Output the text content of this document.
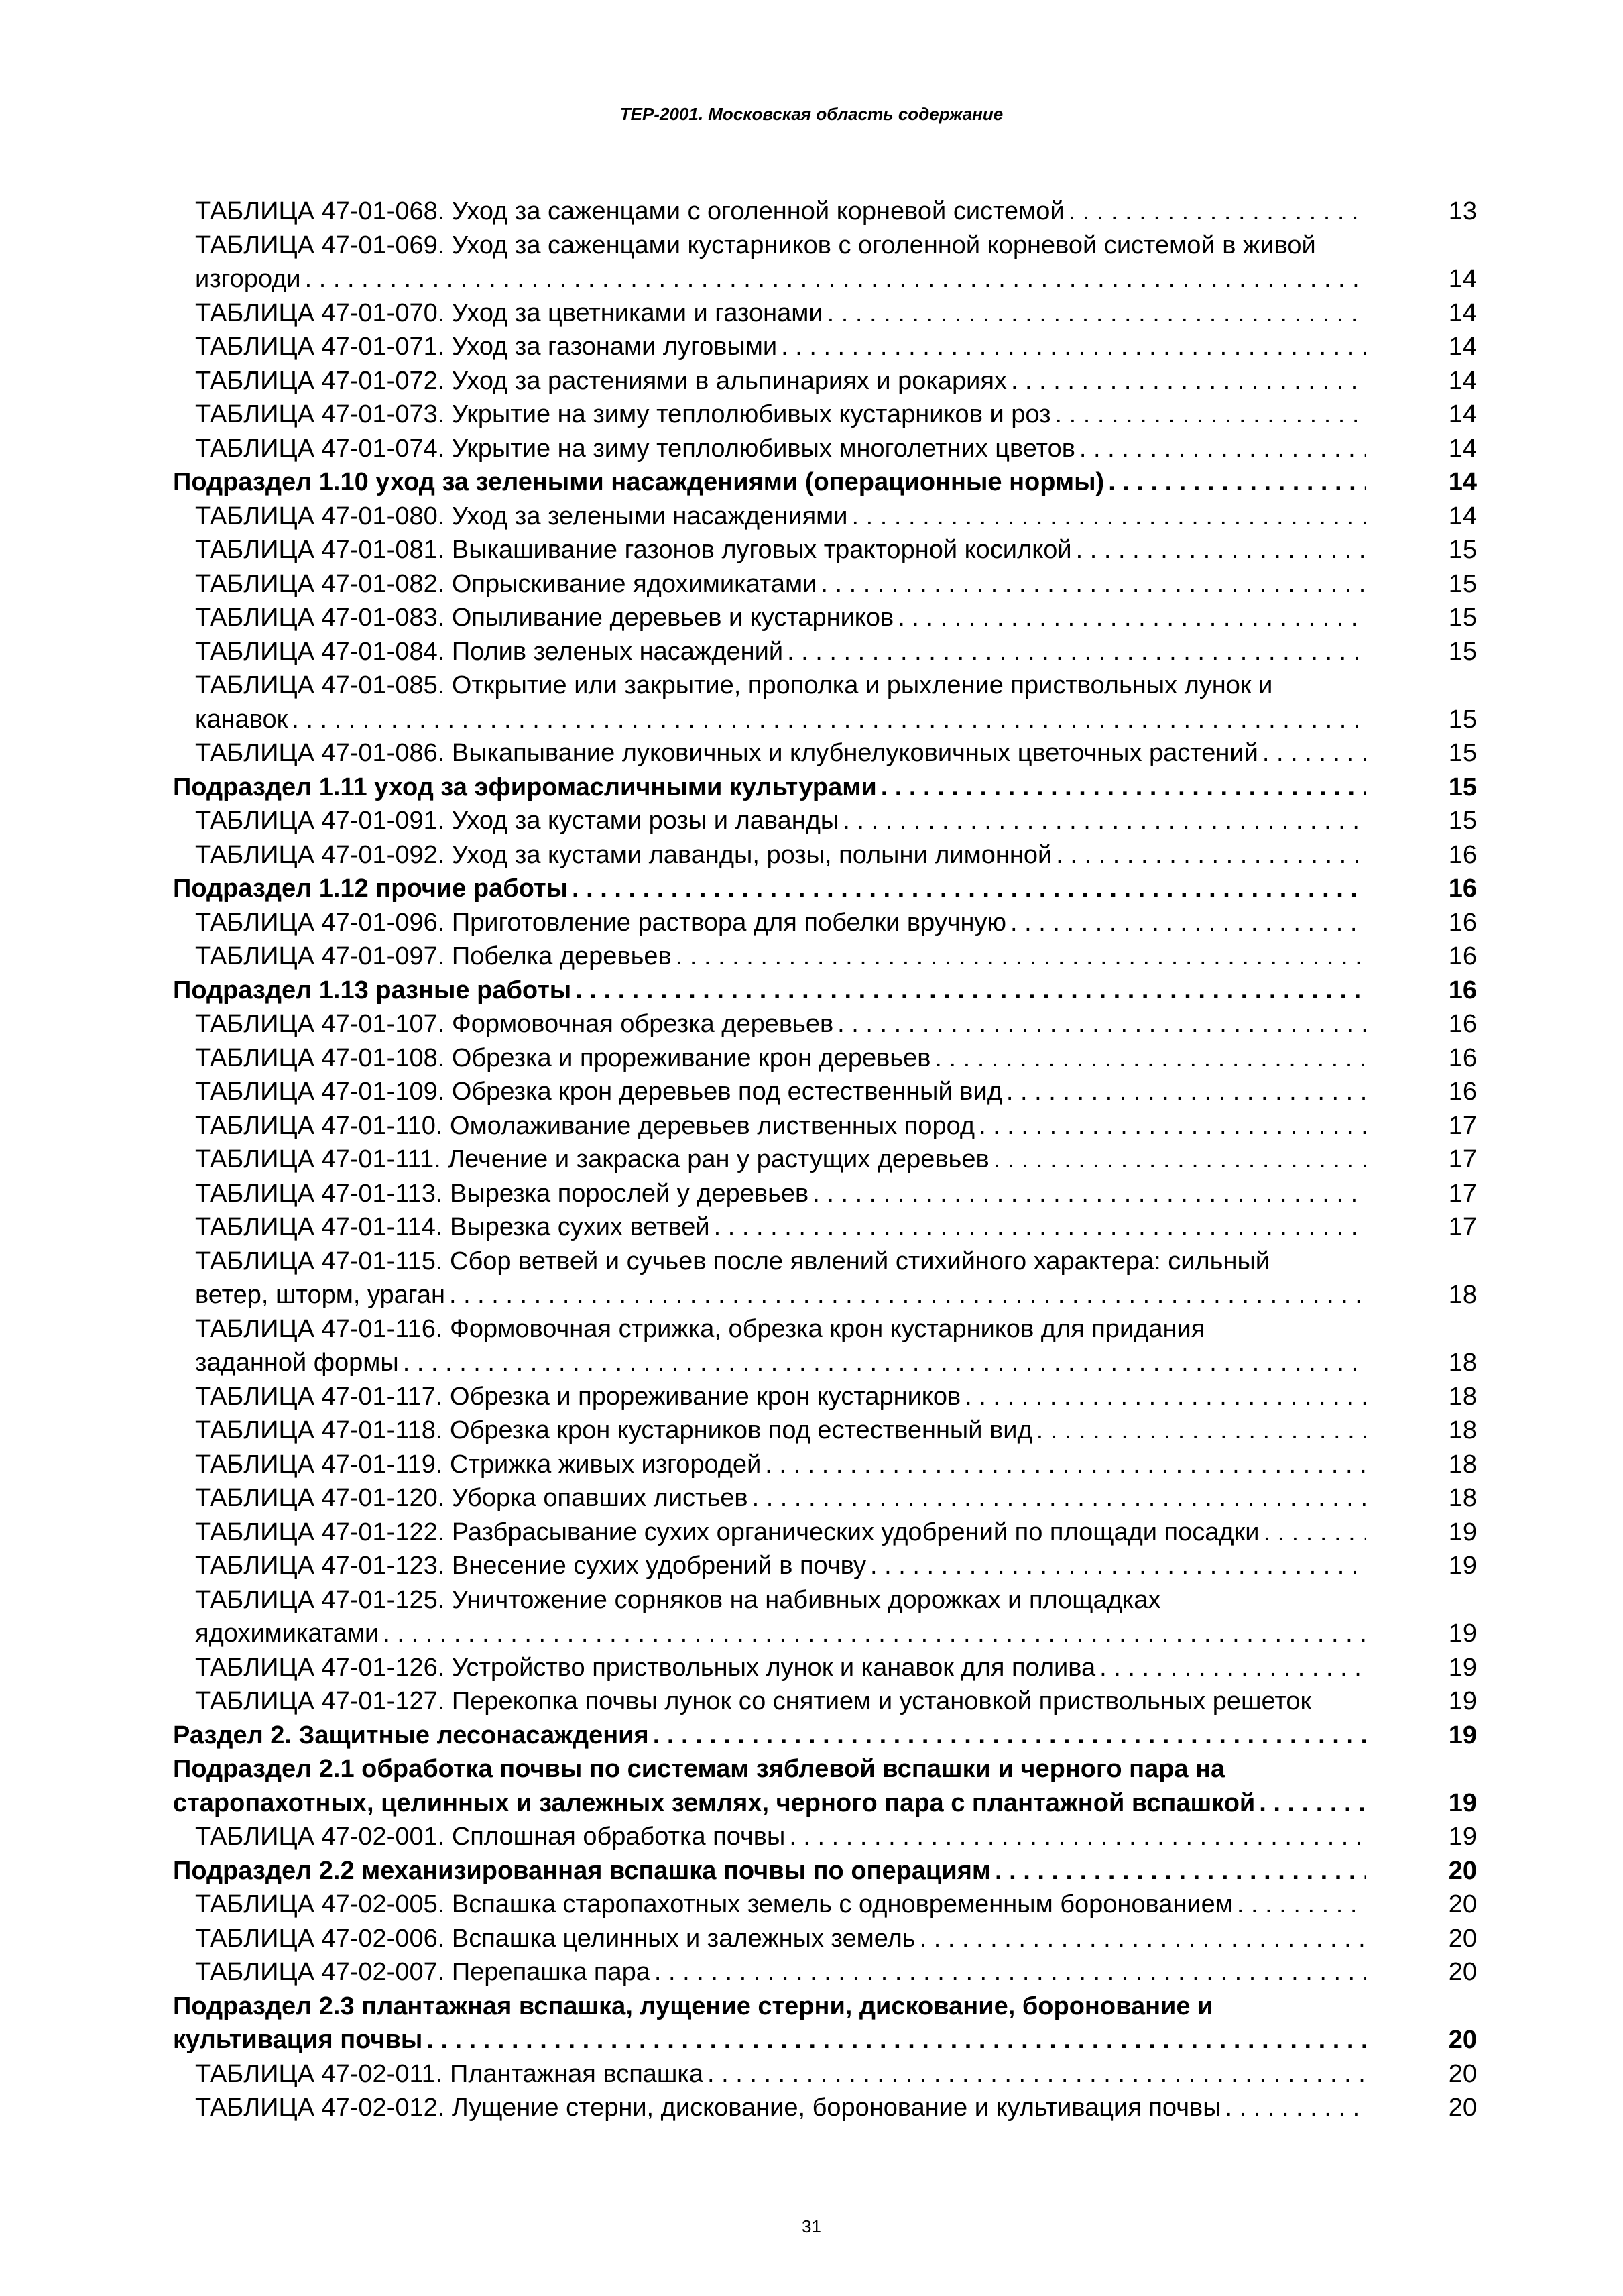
ТЕР-2001. Московская область содержание
ТАБЛИЦА 47-01-068. Уход за саженцами с оголенной корневой системой . . .	13
ТАБЛИЦА 47-01-069. Уход за саженцами кустарников с оголенной корневой системой в живой
изгороди . . .	14
ТАБЛИЦА 47-01-070. Уход за цветниками и газонами . . .	14
ТАБЛИЦА 47-01-071. Уход за газонами луговыми . . .	14
ТАБЛИЦА 47-01-072. Уход за растениями в альпинариях и рокариях . . .	14
ТАБЛИЦА 47-01-073. Укрытие на зиму теплолюбивых кустарников и роз . . .	14
ТАБЛИЦА 47-01-074. Укрытие на зиму теплолюбивых многолетних цветов . . .	14
Подраздел 1.10 уход за зелеными насаждениями (операционные нормы) . . .	14
ТАБЛИЦА 47-01-080. Уход за зелеными насаждениями . . .	14
ТАБЛИЦА 47-01-081. Выкашивание газонов луговых тракторной косилкой . . .	15
ТАБЛИЦА 47-01-082. Опрыскивание ядохимикатами . . .	15
ТАБЛИЦА 47-01-083. Опыливание деревьев и кустарников . . .	15
ТАБЛИЦА 47-01-084. Полив зеленых насаждений . . .	15
ТАБЛИЦА 47-01-085. Открытие или закрытие, прополка и рыхление приствольных лунок и
канавок . . .	15
ТАБЛИЦА 47-01-086. Выкапывание луковичных и клубнелуковичных цветочных растений . . .	15
Подраздел 1.11 уход за эфиромасличными культурами . . .	15
ТАБЛИЦА 47-01-091. Уход за кустами розы и лаванды . . .	15
ТАБЛИЦА 47-01-092. Уход за кустами лаванды, розы, полыни лимонной . . .	16
Подраздел 1.12 прочие работы . . .	16
ТАБЛИЦА 47-01-096. Приготовление раствора для побелки вручную . . .	16
ТАБЛИЦА 47-01-097. Побелка деревьев . . .	16
Подраздел 1.13 разные работы . . .	16
ТАБЛИЦА 47-01-107. Формовочная обрезка деревьев . . .	16
ТАБЛИЦА 47-01-108. Обрезка и прореживание крон деревьев . . .	16
ТАБЛИЦА 47-01-109. Обрезка крон деревьев под естественный вид . . .	16
ТАБЛИЦА 47-01-110. Омолаживание деревьев лиственных пород . . .	17
ТАБЛИЦА 47-01-111. Лечение и закраска ран у растущих деревьев . . .	17
ТАБЛИЦА 47-01-113. Вырезка порослей у деревьев . . .	17
ТАБЛИЦА 47-01-114. Вырезка сухих ветвей . . .	17
ТАБЛИЦА 47-01-115. Сбор ветвей и сучьев после явлений стихийного характера: сильный
ветер, шторм, ураган . . .	18
ТАБЛИЦА 47-01-116. Формовочная стрижка, обрезка крон кустарников для придания
заданной формы . . .	18
ТАБЛИЦА 47-01-117. Обрезка и прореживание крон кустарников . . .	18
ТАБЛИЦА 47-01-118. Обрезка крон кустарников под естественный вид . . .	18
ТАБЛИЦА 47-01-119. Стрижка живых изгородей . . .	18
ТАБЛИЦА 47-01-120. Уборка опавших листьев . . .	18
ТАБЛИЦА 47-01-122. Разбрасывание сухих органических удобрений по площади посадки . . .	19
ТАБЛИЦА 47-01-123. Внесение сухих удобрений в почву . . .	19
ТАБЛИЦА 47-01-125. Уничтожение сорняков на набивных дорожках и площадках
ядохимикатами . . .	19
ТАБЛИЦА 47-01-126. Устройство приствольных лунок и канавок для полива . . .	19
ТАБЛИЦА 47-01-127. Перекопка почвы лунок со снятием и установкой приствольных решеток	19
Раздел 2. Защитные лесонасаждения . . .	19
Подраздел 2.1 обработка почвы по системам зяблевой вспашки и черного пара на
старопахотных, целинных и залежных землях, черного пара с плантажной вспашкой . . .	19
ТАБЛИЦА 47-02-001. Сплошная обработка почвы . . .	19
Подраздел 2.2 механизированная вспашка почвы по операциям . . .	20
ТАБЛИЦА 47-02-005. Вспашка старопахотных земель с одновременным боронованием . . .	20
ТАБЛИЦА 47-02-006. Вспашка целинных и залежных земель . . .	20
ТАБЛИЦА 47-02-007. Перепашка пара . . .	20
Подраздел 2.3 плантажная вспашка, лущение стерни, дискование, боронование и
культивация почвы . . .	20
ТАБЛИЦА 47-02-011. Плантажная вспашка . . .	20
ТАБЛИЦА 47-02-012. Лущение стерни, дискование, боронование и культивация почвы . . .	20
31
